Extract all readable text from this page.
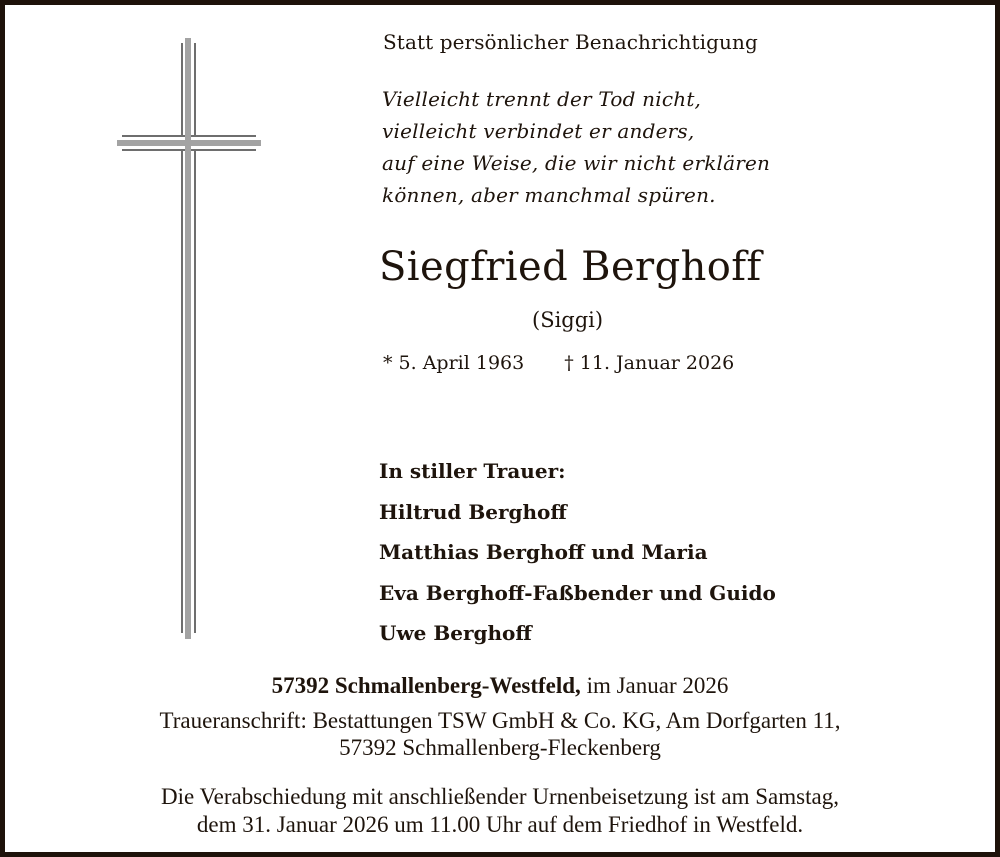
Statt persönlicher Benachrichtigung
Vielleicht trennt der Tod nicht,
vielleicht verbindet er anders,
auf eine Weise, die wir nicht erklären
können, aber manchmal spüren.
Siegfried Berghoff
(Siggi)
* 5. April 1963 † 11. Januar 2026
In stiller Trauer:
Hiltrud Berghoff
Matthias Berghoff und Maria
Eva Berghoff-Faßbender und Guido
Uwe Berghoff
57392 Schmallenberg-Westfeld, im Januar 2026
Traueranschrift: Bestattungen TSW GmbH & Co. KG, Am Dorfgarten 11,
57392 Schmallenberg-Fleckenberg
Die Verabschiedung mit anschließender Urnenbeisetzung ist am Samstag,
dem 31. Januar 2026 um 11.00 Uhr auf dem Friedhof in Westfeld.
